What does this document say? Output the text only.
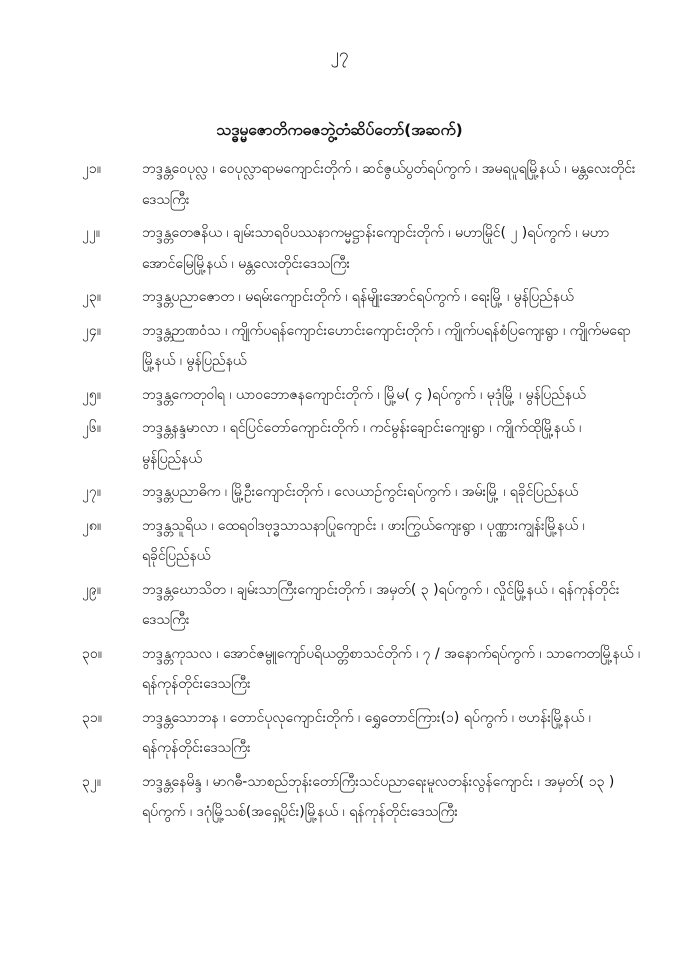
၂၇
သဒ္ဓမ္မဇောတိကဓဇဘွဲ့တံဆိပ်တော်(အဆက်)
၂၁။	ဘဒ္ဒန္တဝေပုလ္လ ၊ ဝေပုလ္လာရာမကျောင်းတိုက် ၊ ဆင်ဇွယ်ပွတ်ရပ်ကွက် ၊ အမရပူရမြို့နယ် ၊ မန္တလေးတိုင်းဒေသကြီး
၂၂။	ဘဒ္ဒန္တတေဇနိယ ၊ ချမ်းသာရဝိပဿနာကမ္မဋ္ဌာန်းကျောင်းတိုက် ၊ မဟာမြိုင်( ၂ )ရပ်ကွက် ၊ မဟာအောင်မြေမြို့နယ် ၊ မန္တလေးတိုင်းဒေသကြီး
၂၃။	ဘဒ္ဒန္တပညာဇောတ ၊ မရမ်းကျောင်းတိုက် ၊ ရန်မျိုးအောင်ရပ်ကွက် ၊ ရေးမြို့ ၊ မွန်ပြည်နယ်
၂၄။	ဘဒ္ဒန္တဉာဏဝံသ ၊ ကျိုက်ပရန်ကျောင်းဟောင်းကျောင်းတိုက် ၊ ကျိုက်ပရန်စံပြကျေးရွာ ၊ ကျိုက်မရောမြို့နယ် ၊ မွန်ပြည်နယ်
၂၅။	ဘဒ္ဒန္တကေတုဝါရ ၊ ယာဝဘောဇနကျောင်းတိုက် ၊ မြို့မ( ၄ )ရပ်ကွက် ၊ မုဒုံမြို့ ၊ မွန်ပြည်နယ်
၂၆။	ဘဒ္ဒန္တနန္ဒမာလာ ၊ ရင်ပြင်တော်ကျောင်းတိုက် ၊ ကင်မွန်းချောင်းကျေးရွာ ၊ ကျိုက်ထိုမြို့နယ် ၊ မွန်ပြည်နယ်
၂၇။	ဘဒ္ဒန္တပညာဓိက ၊ မြို့ဦးကျောင်းတိုက် ၊ လေယာဉ်ကွင်းရပ်ကွက် ၊ အမ်းမြို့ ၊ ရခိုင်ပြည်နယ်
၂၈။	ဘဒ္ဒန္တသူရိယ ၊ ထေရဝါဒဗုဒ္ဓသာသနာပြုကျောင်း ၊ ဖားကြွယ်ကျေးရွာ ၊ ပုဏ္ဏားကျွန်းမြို့နယ် ၊ ရခိုင်ပြည်နယ်
၂၉။	ဘဒ္ဒန္တဃောသိတ ၊ ချမ်းသာကြီးကျောင်းတိုက် ၊ အမှတ်( ၃ )ရပ်ကွက် ၊ လှိုင်မြို့နယ် ၊ ရန်ကုန်တိုင်းဒေသကြီး
၃၀။	ဘဒ္ဒန္တကုသလ ၊ အောင်ဇမ္ဗူကျော်ပရိယတ္တိစာသင်တိုက် ၊ ၇ / အနောက်ရပ်ကွက် ၊ သာကေတမြို့နယ် ၊ ရန်ကုန်တိုင်းဒေသကြီး
၃၁။	ဘဒ္ဒန္တသောဘန ၊ တောင်ပုလုကျောင်းတိုက် ၊ ရွှေတောင်ကြား(၁) ရပ်ကွက် ၊ ဗဟန်းမြို့နယ် ၊ ရန်ကုန်တိုင်းဒေသကြီး
၃၂။	ဘဒ္ဒန္တနေမိန္ဒ ၊ မာဂဓီ-သာစည်ဘုန်းတော်ကြီးသင်ပညာရေးမူလတန်းလွန်ကျောင်း ၊ အမှတ်( ၁၃ ) ရပ်ကွက် ၊ ဒဂုံမြို့သစ်(အရှေ့ပိုင်း)မြို့နယ် ၊ ရန်ကုန်တိုင်းဒေသကြီး
